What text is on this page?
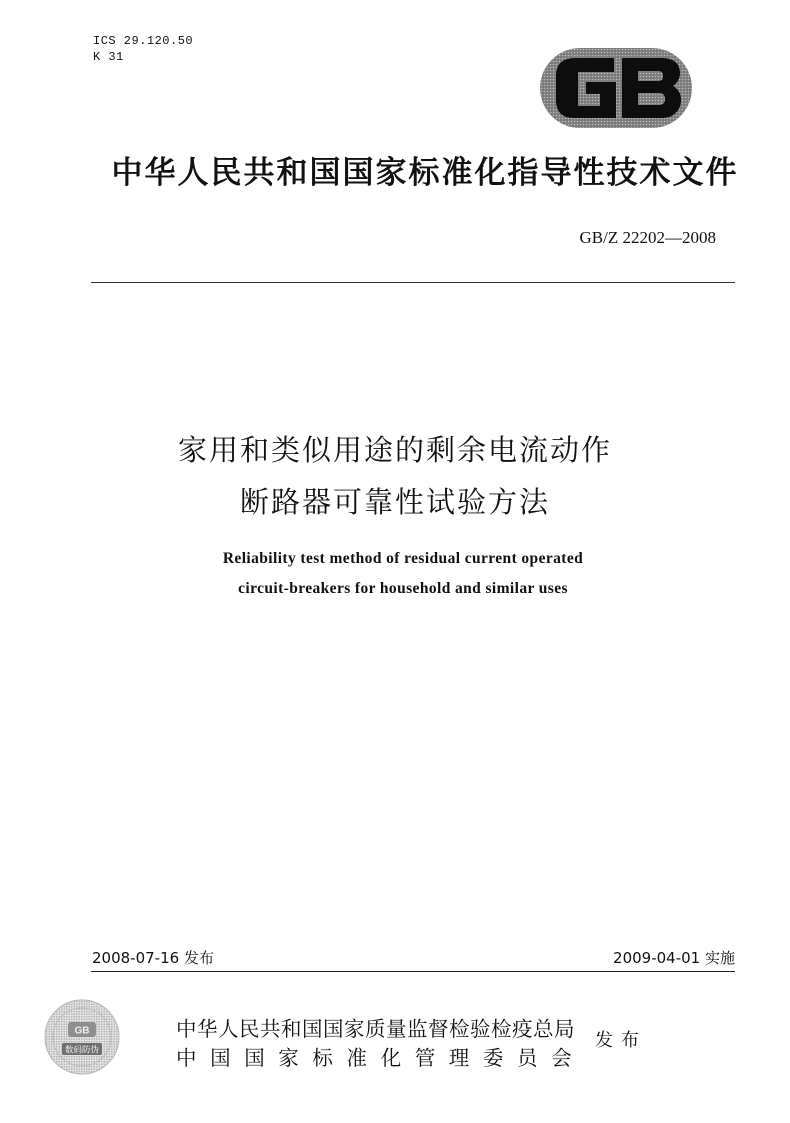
ICS 29.120.50
K 31
中华人民共和国国家标准化指导性技术文件
GB/Z 22202—2008
家用和类似用途的剩余电流动作
断路器可靠性试验方法
Reliability test method of residual current operated
circuit-breakers for household and similar uses
2008-07-16 发布	2009-04-01 实施
GB
数码防伪
中华人民共和国国家质量监督检验检疫总局
中国国家标准化管理委员会
发布
